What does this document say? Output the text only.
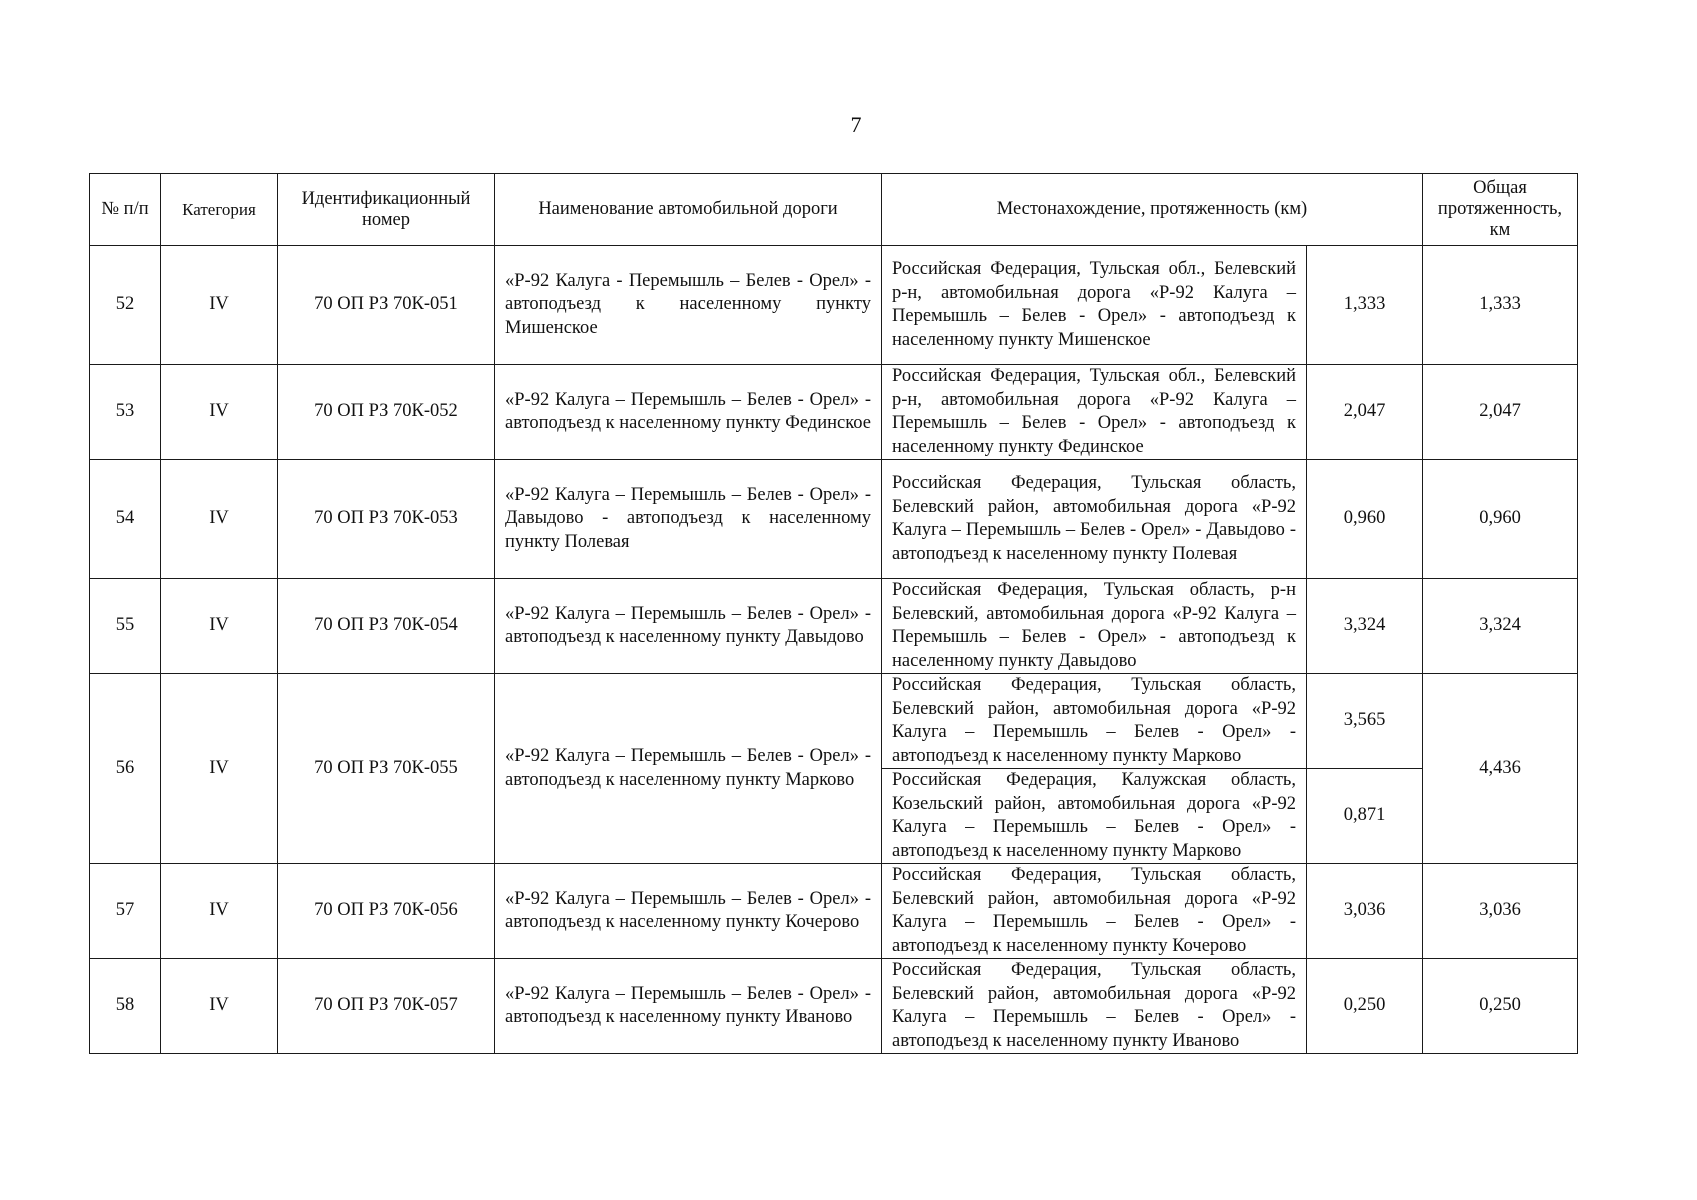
7
№ п/п	Категория	Идентификационный номер	Наименование автомобильной дороги	Местонахождение, протяженность (км)		Общая протяженность, км
52	IV	70 ОП РЗ 70К-051	«Р-92 Калуга - Перемышль – Белев - Орел» - автоподъезд к населенному пункту Мишенское	Российская Федерация, Тульская обл., Белевский р-н, автомобильная дорога «Р-92 Калуга – Перемышль – Белев - Орел» - автоподъезд к населенному пункту Мишенское	1,333	1,333
53	IV	70 ОП РЗ 70К-052	«Р-92 Калуга – Перемышль – Белев - Орел» - автоподъезд к населенному пункту Фединское	Российская Федерация, Тульская обл., Белевский р-н, автомобильная дорога «Р-92 Калуга – Перемышль – Белев - Орел» - автоподъезд к населенному пункту Фединское	2,047	2,047
54	IV	70 ОП РЗ 70К-053	«Р-92 Калуга – Перемышль – Белев - Орел» - Давыдово - автоподъезд к населенному пункту Полевая	Российская Федерация, Тульская область, Белевский район, автомобильная дорога «Р-92 Калуга – Перемышль – Белев - Орел» - Давыдово - автоподъезд к населенному пункту Полевая	0,960	0,960
55	IV	70 ОП РЗ 70К-054	«Р-92 Калуга – Перемышль – Белев - Орел» - автоподъезд к населенному пункту Давыдово	Российская Федерация, Тульская область, р-н Белевский, автомобильная дорога «Р-92 Калуга – Перемышль – Белев - Орел» - автоподъезд к населенному пункту Давыдово	3,324	3,324
56	IV	70 ОП РЗ 70К-055	«Р-92 Калуга – Перемышль – Белев - Орел» - автоподъезд к населенному пункту Марково	Российская Федерация, Тульская область, Белевский район, автомобильная дорога «Р-92 Калуга – Перемышль – Белев - Орел» - автоподъезд к населенному пункту Марково	3,565	4,436
				Российская Федерация, Калужская область, Козельский район, автомобильная дорога «Р-92 Калуга – Перемышль – Белев - Орел» - автоподъезд к населенному пункту Марково	0,871	
57	IV	70 ОП РЗ 70К-056	«Р-92 Калуга – Перемышль – Белев - Орел» - автоподъезд к населенному пункту Кочерово	Российская Федерация, Тульская область, Белевский район, автомобильная дорога «Р-92 Калуга – Перемышль – Белев - Орел» - автоподъезд к населенному пункту Кочерово	3,036	3,036
58	IV	70 ОП РЗ 70К-057	«Р-92 Калуга – Перемышль – Белев - Орел» - автоподъезд к населенному пункту Иваново	Российская Федерация, Тульская область, Белевский район, автомобильная дорога «Р-92 Калуга – Перемышль – Белев - Орел» - автоподъезд к населенному пункту Иваново	0,250	0,250
